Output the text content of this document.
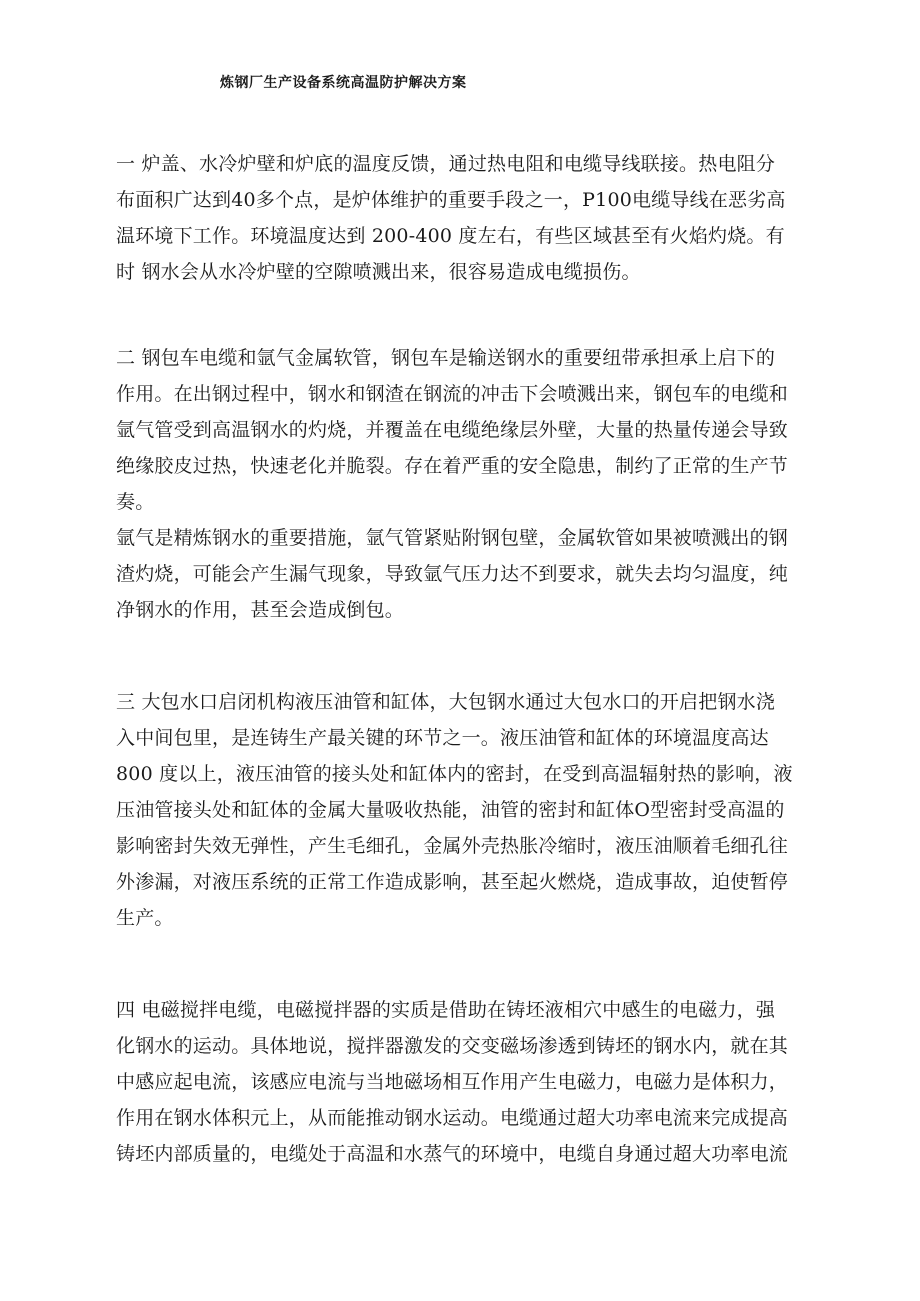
炼钢厂生产设备系统高温防护解决方案
一 炉盖、水冷炉壁和炉底的温度反馈，通过热电阻和电缆导线联接。热电阻分
布面积广达到40多个点，是炉体维护的重要手段之一，P100电缆导线在恶劣高
温环境下工作。环境温度达到 200-400 度左右，有些区域甚至有火焰灼烧。有
时 钢水会从水冷炉壁的空隙喷溅出来，很容易造成电缆损伤。
二 钢包车电缆和氩气金属软管，钢包车是输送钢水的重要纽带承担承上启下的
作用。在出钢过程中，钢水和钢渣在钢流的冲击下会喷溅出来，钢包车的电缆和
氩气管受到高温钢水的灼烧，并覆盖在电缆绝缘层外壁，大量的热量传递会导致
绝缘胶皮过热，快速老化并脆裂。存在着严重的安全隐患，制约了正常的生产节
奏。
氩气是精炼钢水的重要措施，氩气管紧贴附钢包壁，金属软管如果被喷溅出的钢
渣灼烧，可能会产生漏气现象，导致氩气压力达不到要求，就失去均匀温度，纯
净钢水的作用，甚至会造成倒包。
三 大包水口启闭机构液压油管和缸体，大包钢水通过大包水口的开启把钢水浇
入中间包里，是连铸生产最关键的环节之一。液压油管和缸体的环境温度高达
800 度以上，液压油管的接头处和缸体内的密封，在受到高温辐射热的影响，液
压油管接头处和缸体的金属大量吸收热能，油管的密封和缸体O型密封受高温的
影响密封失效无弹性，产生毛细孔，金属外壳热胀冷缩时，液压油顺着毛细孔往
外渗漏，对液压系统的正常工作造成影响，甚至起火燃烧，造成事故，迫使暂停
生产。
四 电磁搅拌电缆，电磁搅拌器的实质是借助在铸坯液相穴中感生的电磁力，强
化钢水的运动。具体地说，搅拌器激发的交变磁场渗透到铸坯的钢水内，就在其
中感应起电流，该感应电流与当地磁场相互作用产生电磁力，电磁力是体积力，
作用在钢水体积元上，从而能推动钢水运动。电缆通过超大功率电流来完成提高
铸坯内部质量的，电缆处于高温和水蒸气的环境中，电缆自身通过超大功率电流
